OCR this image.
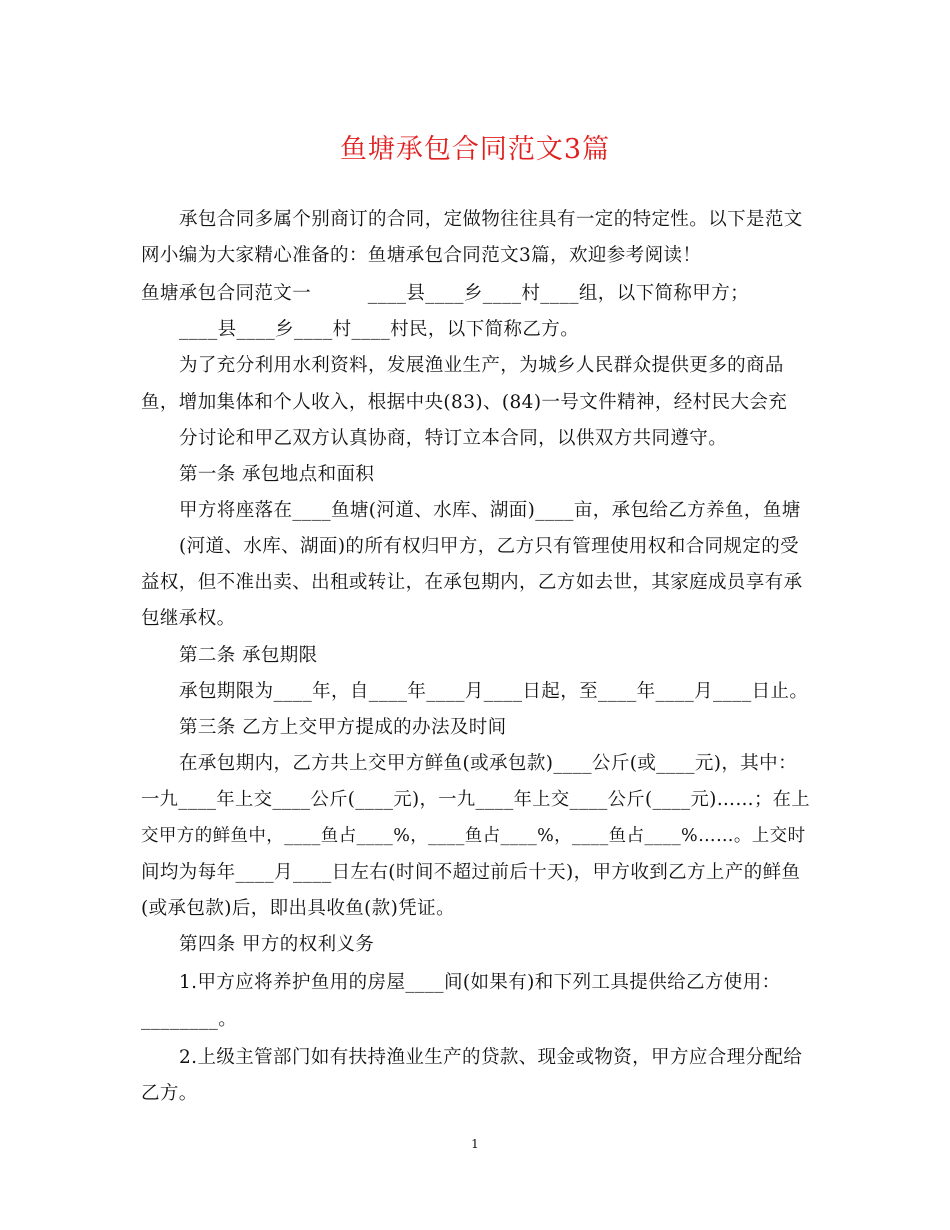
鱼塘承包合同范文3篇
承包合同多属个别商订的合同，定做物往往具有一定的特定性。以下是范文
网小编为大家精心准备的：鱼塘承包合同范文3篇，欢迎参考阅读！
鱼塘承包合同范文一　　　____县____乡____村____组，以下简称甲方；
____县____乡____村____村民，以下简称乙方。
为了充分利用水利资料，发展渔业生产，为城乡人民群众提供更多的商品
鱼，增加集体和个人收入，根据中央(83)、(84)一号文件精神，经村民大会充
分讨论和甲乙双方认真协商，特订立本合同，以供双方共同遵守。
第一条 承包地点和面积
甲方将座落在____鱼塘(河道、水库、湖面)____亩，承包给乙方养鱼，鱼塘
(河道、水库、湖面)的所有权归甲方，乙方只有管理使用权和合同规定的受
益权，但不准出卖、出租或转让，在承包期内，乙方如去世，其家庭成员享有承
包继承权。
第二条 承包期限
承包期限为____年，自____年____月____日起，至____年____月____日止。
第三条 乙方上交甲方提成的办法及时间
在承包期内，乙方共上交甲方鲜鱼(或承包款)____公斤(或____元)，其中：
一九____年上交____公斤(____元)，一九____年上交____公斤(____元)……；在上
交甲方的鲜鱼中，____鱼占____%，____鱼占____%，____鱼占____%……。上交时
间均为每年____月____日左右(时间不超过前后十天)，甲方收到乙方上产的鲜鱼
(或承包款)后，即出具收鱼(款)凭证。
第四条 甲方的权利义务
1.甲方应将养护鱼用的房屋____间(如果有)和下列工具提供给乙方使用：
________。
2.上级主管部门如有扶持渔业生产的贷款、现金或物资，甲方应合理分配给
乙方。
1
